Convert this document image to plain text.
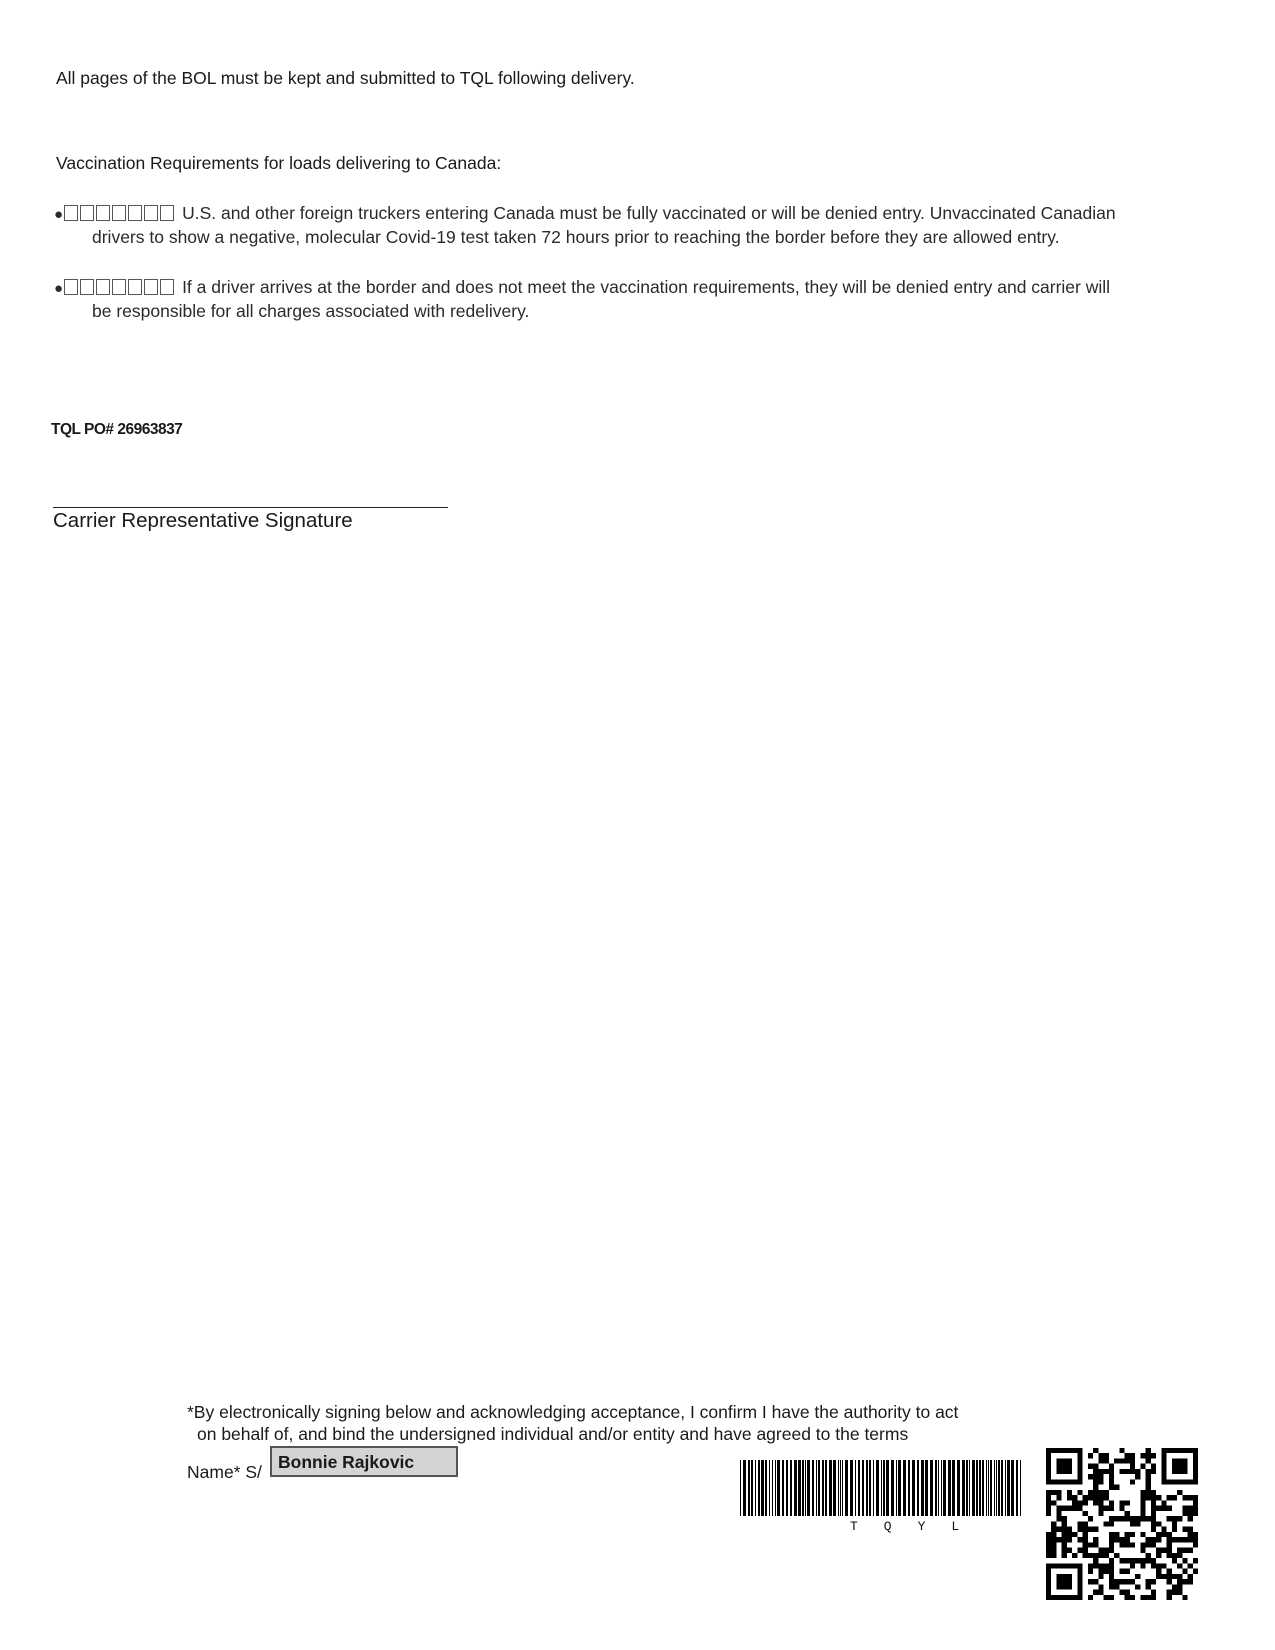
All pages of the BOL must be kept and submitted to TQL following delivery.
Vaccination Requirements for loads delivering to Canada:
●	U.S. and other foreign truckers entering Canada must be fully vaccinated or will be denied entry. Unvaccinated Canadian
drivers to show a negative, molecular Covid-19 test taken 72 hours prior to reaching the border before they are allowed entry.
●	If a driver arrives at the border and does not meet the vaccination requirements, they will be denied entry and carrier will
be responsible for all charges associated with redelivery.
TQL PO# 26963837
Carrier Representative Signature
*By electronically signing below and acknowledging acceptance, I confirm I have the authority to act
on behalf of, and bind the undersigned individual and/or entity and have agreed to the terms
Name* S/ Bonnie Rajkovic
TQYL
